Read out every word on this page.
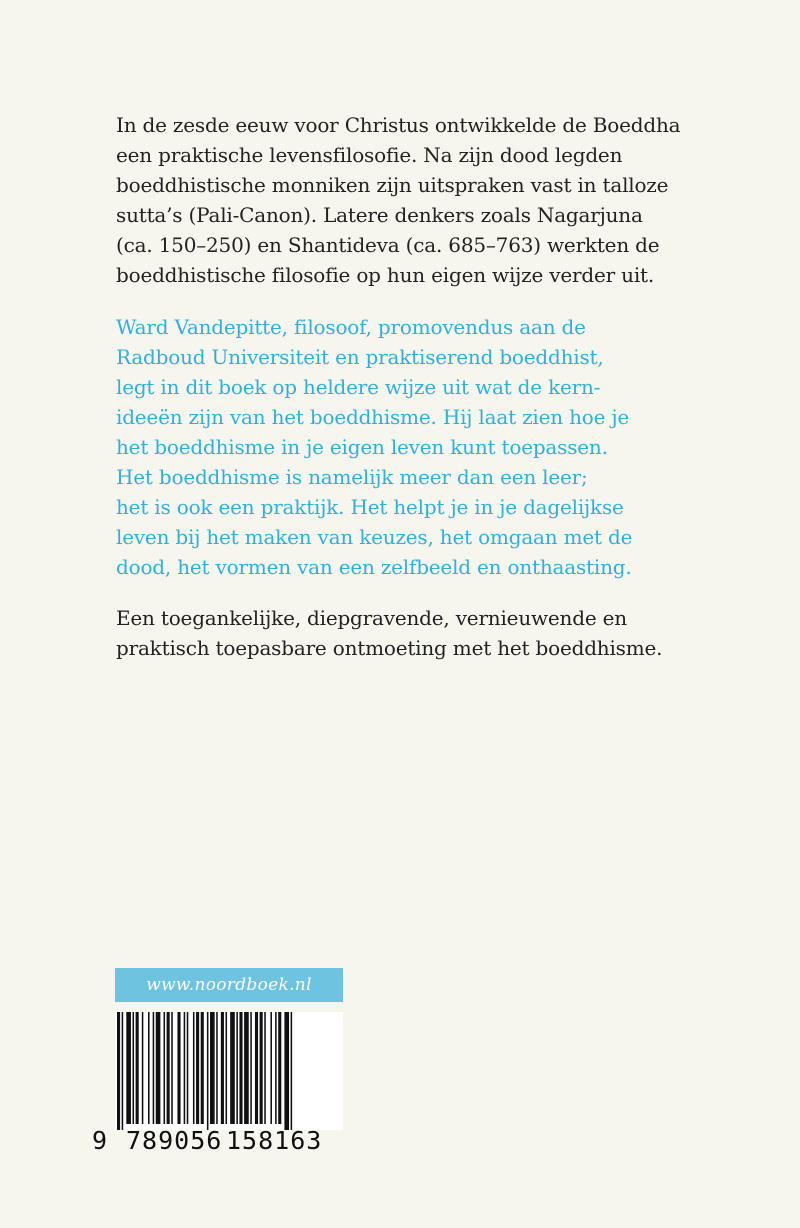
In de zesde eeuw voor Christus ontwikkelde de Boeddha
een praktische levensfilosofie. Na zijn dood legden
boeddhistische monniken zijn uitspraken vast in talloze
sutta’s (Pali-Canon). Latere denkers zoals Nagarjuna
(ca. 150–250) en Shantideva (ca. 685–763) werkten de
boeddhistische filosofie op hun eigen wijze verder uit.
Ward Vandepitte, filosoof, promovendus aan de
Radboud Universiteit en praktiserend boeddhist,
legt in dit boek op heldere wijze uit wat de kern-
ideeën zijn van het boeddhisme. Hij laat zien hoe je
het boeddhisme in je eigen leven kunt toepassen.
Het boeddhisme is namelijk meer dan een leer;
het is ook een praktijk. Het helpt je in je dagelijkse
leven bij het maken van keuzes, het omgaan met de
dood, het vormen van een zelfbeeld en onthaasting.
Een toegankelijke, diepgravende, vernieuwende en
praktisch toepasbare ontmoeting met het boeddhisme.
www.noordboek.nl
9 789056 158163
